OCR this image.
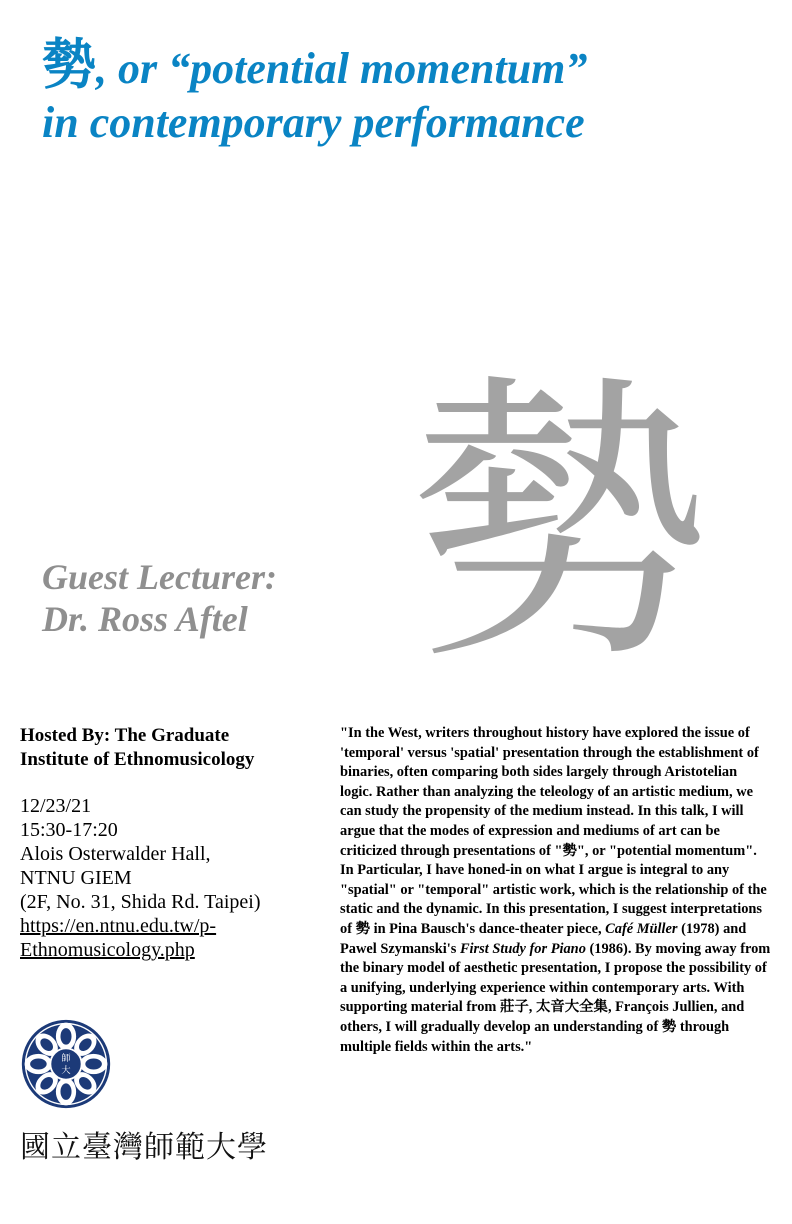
勢, or “potential momentum”
in contemporary performance
勢
Guest Lecturer:
Dr. Ross Aftel

Hosted By: The Graduate
Institute of Ethnomusicology

12/23/21
15:30-17:20
Alois Osterwalder Hall,
NTNU GIEM
(2F, No. 31, Shida Rd. Taipei)
https://en.ntnu.edu.tw/p-
Ethnomusicology.php
師
大
國立臺灣師範大學

"In the West, writers throughout history have explored the issue of 'temporal' versus 'spatial' presentation through the establishment of binaries, often comparing both sides largely through Aristotelian logic. Rather than analyzing the teleology of an artistic medium, we can study the propensity of the medium instead. In this talk, I will argue that the modes of expression and mediums of art can be criticized through presentations of "勢", or "potential momentum". In Particular, I have honed-in on what I argue is integral to any "spatial" or "temporal" artistic work, which is the relationship of the static and the dynamic. In this presentation, I suggest interpretations of 勢 in Pina Bausch's dance-theater piece, Café Müller (1978) and Pawel Szymanski's First Study for Piano (1986). By moving away from the binary model of aesthetic presentation, I propose the possibility of a unifying, underlying experience within contemporary arts. With supporting material from 莊子, 太音大全集, François Jullien, and others, I will gradually develop an understanding of 勢 through multiple fields within the arts."
